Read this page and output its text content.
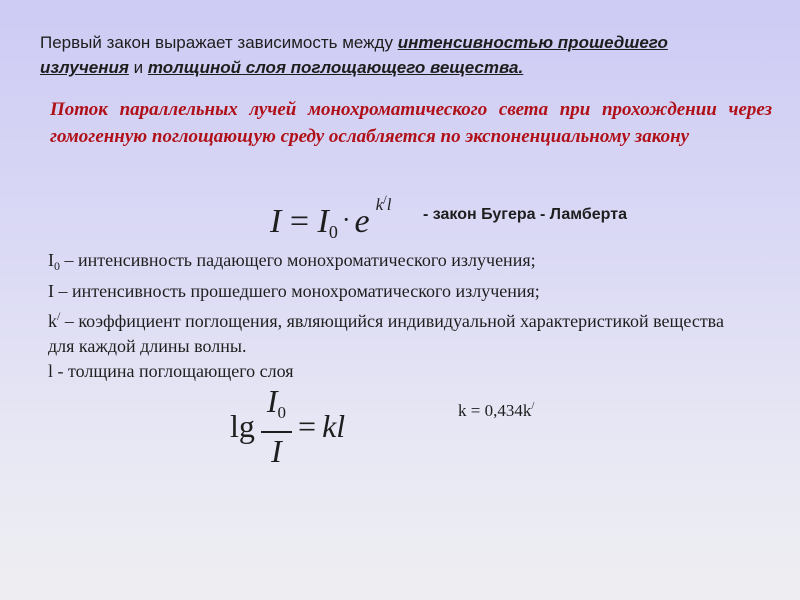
Первый закон выражает зависимость между интенсивностью прошедшего излучения и толщиной слоя поглощающего вещества.
Поток параллельных лучей монохроматического света при прохождении через гомогенную поглощающую среду ослабляется по экспоненциальному закону
$I = I_0 \cdot e$ $^{k/l}$
- закон Бугера - Ламберта
$I_0$ – интенсивность падающего монохроматического излучения;
I – интенсивность прошедшего монохроматического излучения;
k/ – коэффициент поглощения, являющийся индивидуальной характеристикой вещества для каждой длины волны.
l - толщина поглощающего слоя
$\lg \frac{I_0}{I}$ = kl	k = 0,434k/
